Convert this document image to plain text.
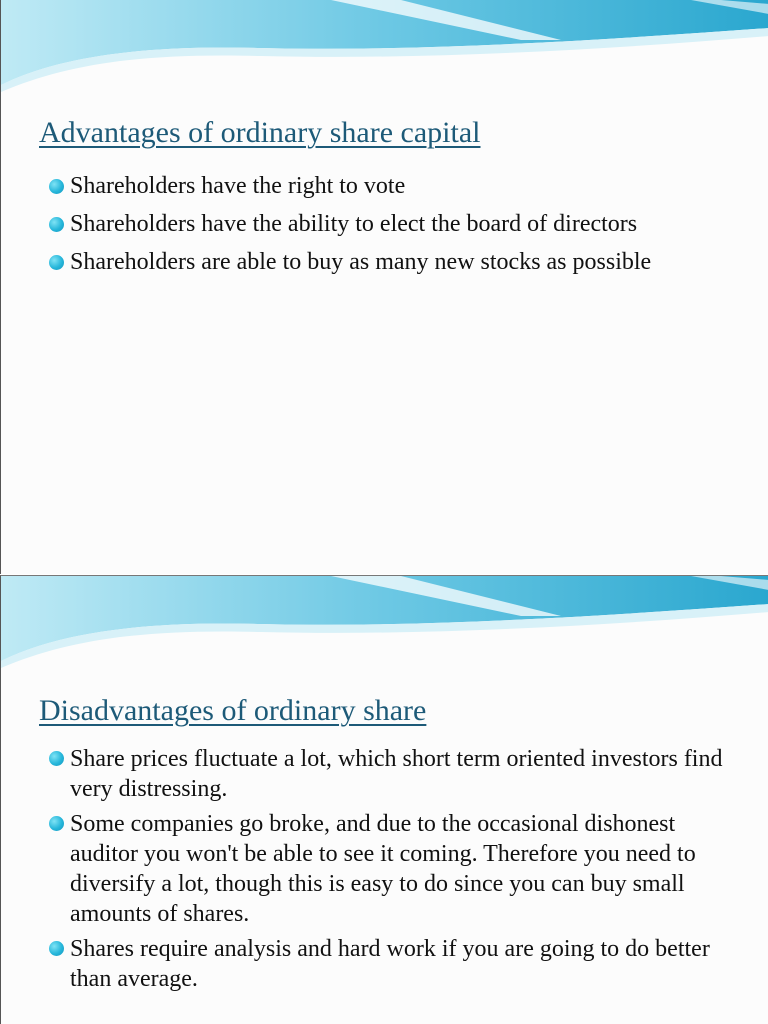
Advantages of ordinary share capital
Shareholders have the right to vote
Shareholders have the ability to elect the board of directors
Shareholders are able to buy as many new stocks as possible
Disadvantages of ordinary share
Share prices fluctuate a lot, which short term oriented investors find very distressing.
Some companies go broke, and due to the occasional dishonest auditor you won't be able to see it coming. Therefore you need to diversify a lot, though this is easy to do since you can buy small amounts of shares.
Shares require analysis and hard work if you are going to do better than average.
